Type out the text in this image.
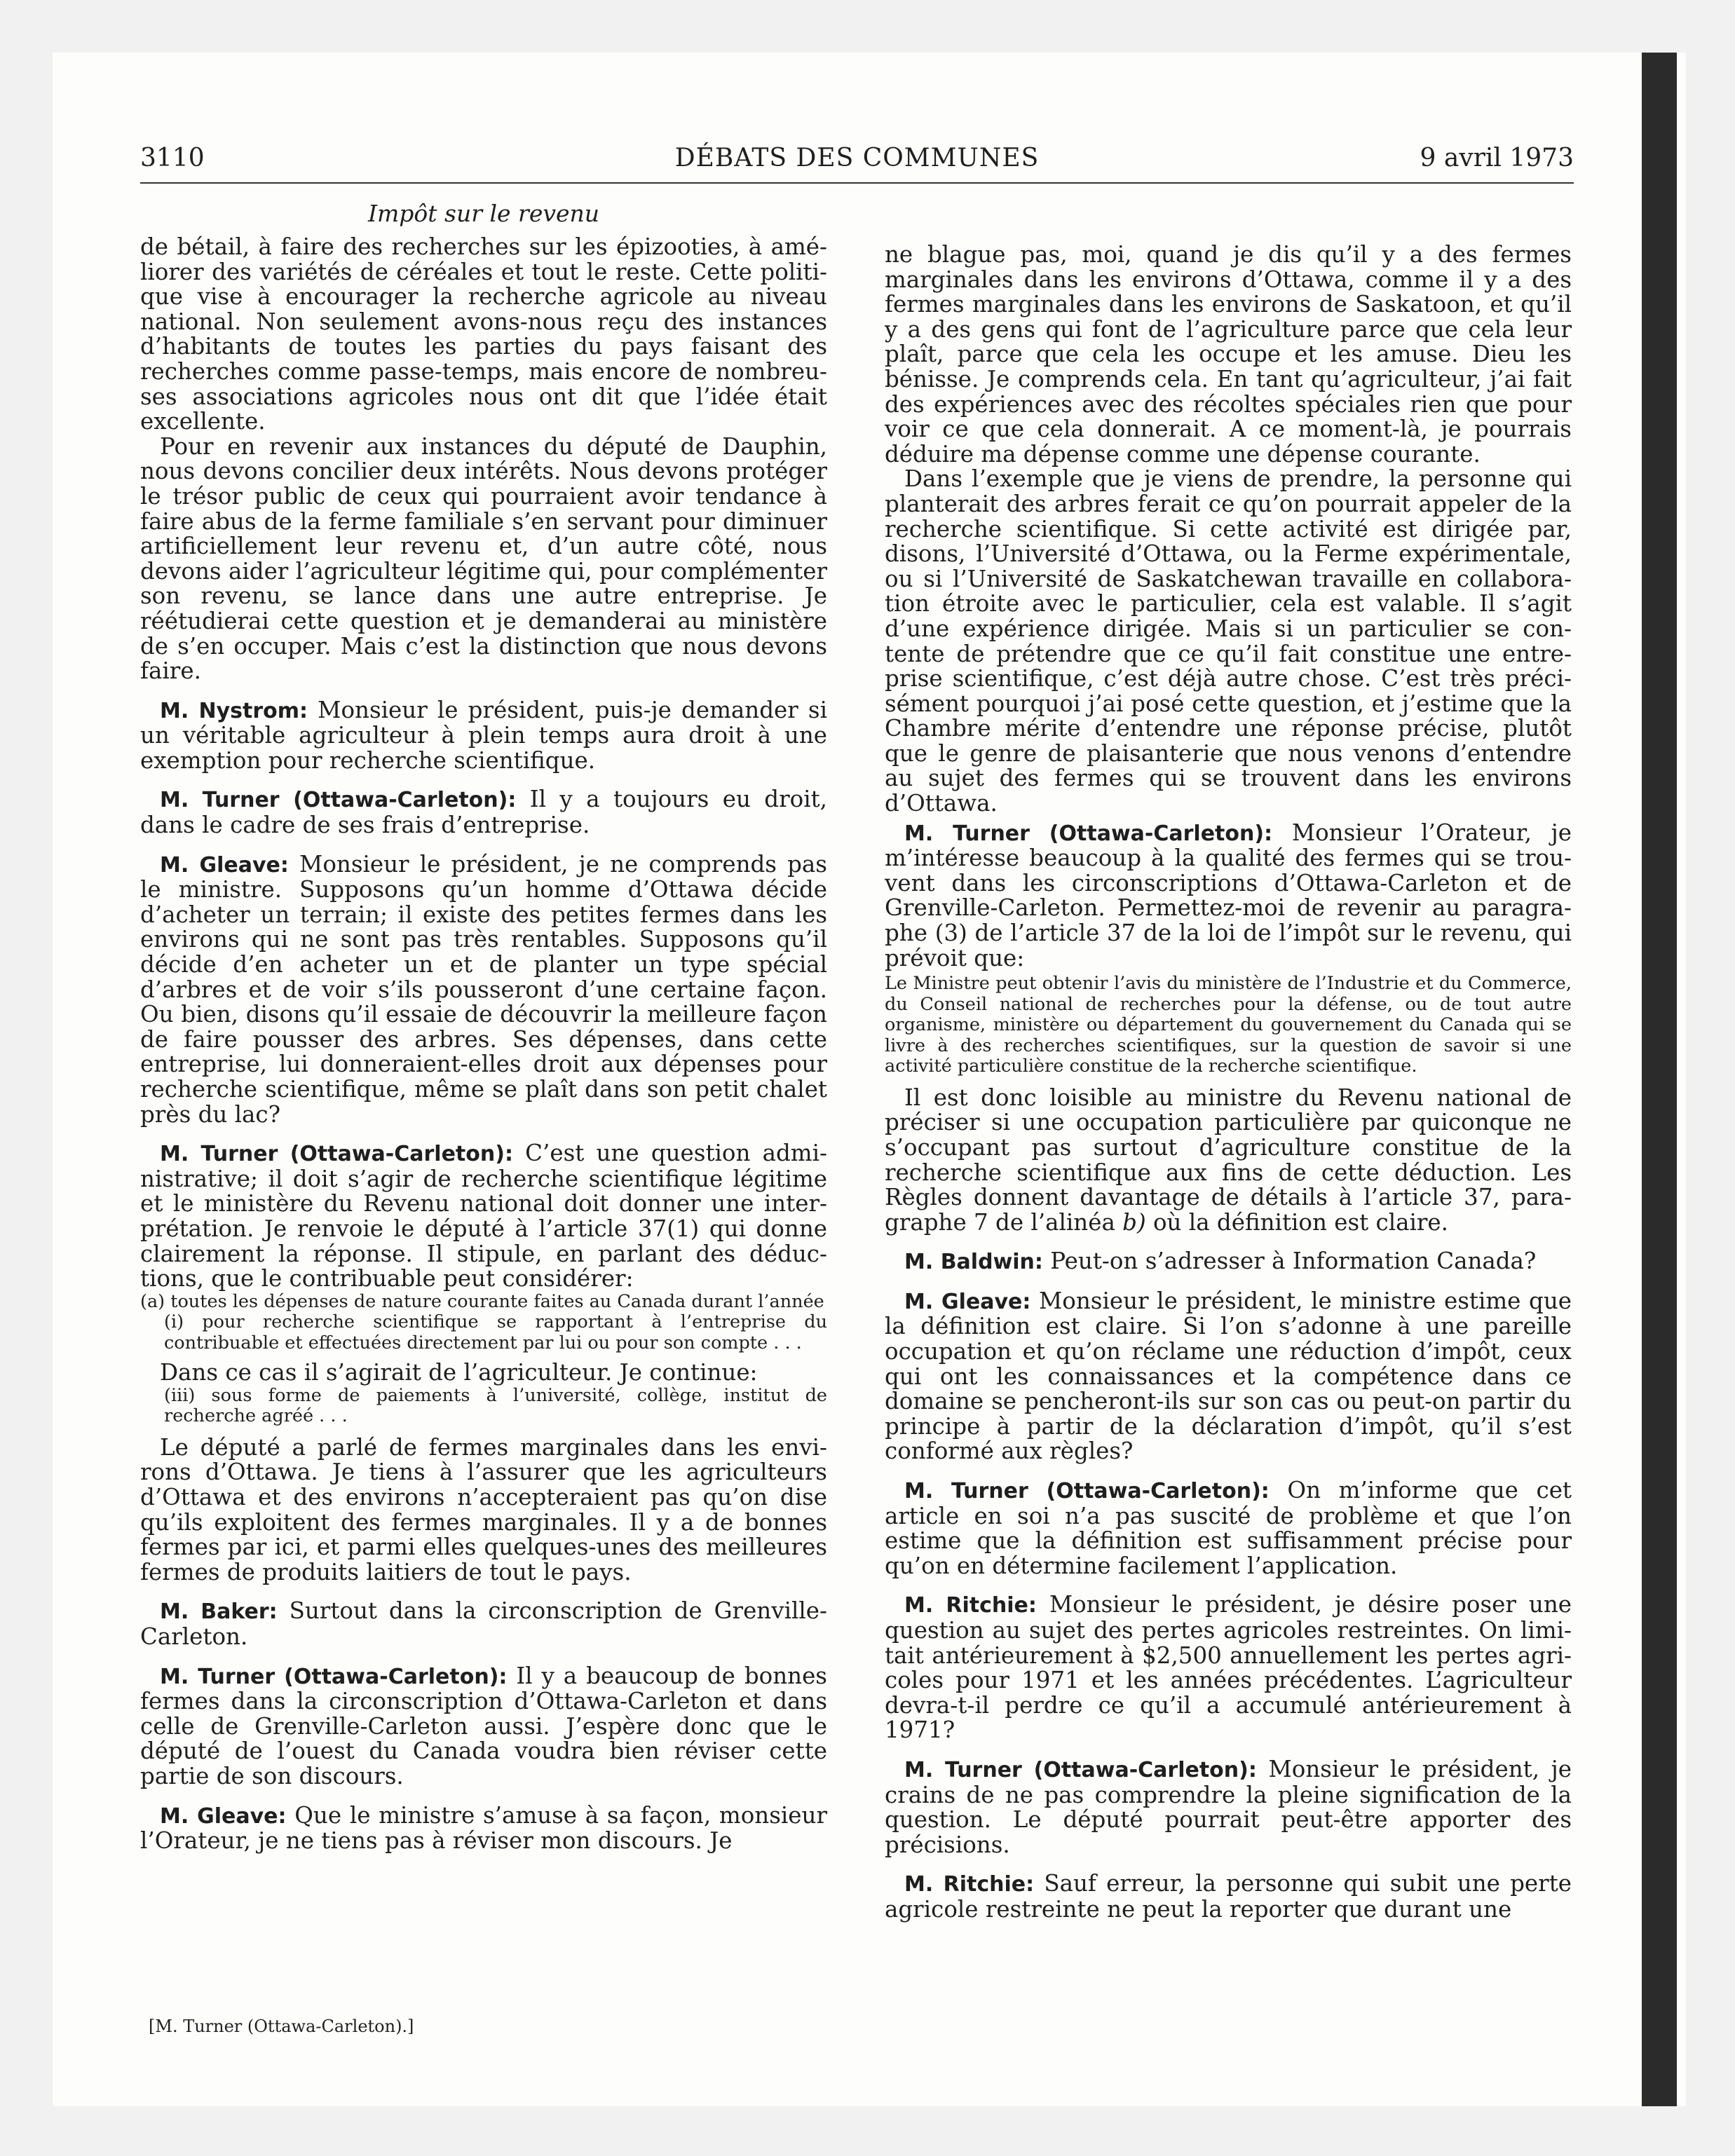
3110	DÉBATS DES COMMUNES	9 avril 1973
Impôt sur le revenu

de bétail, à faire des recherches sur les épizooties, à améliorer des variétés de céréales et tout le reste. Cette politique vise à encourager la recherche agricole au niveau national. Non seulement avons-nous reçu des instances d’habitants de toutes les parties du pays faisant des recherches comme passe-temps, mais encore de nombreuses associations agricoles nous ont dit que l’idée était excellente.

Pour en revenir aux instances du député de Dauphin, nous devons concilier deux intérêts. Nous devons protéger le trésor public de ceux qui pourraient avoir tendance à faire abus de la ferme familiale s’en servant pour diminuer artificiellement leur revenu et, d’un autre côté, nous devons aider l’agriculteur légitime qui, pour complémenter son revenu, se lance dans une autre entreprise. Je réétudierai cette question et je demanderai au ministère de s’en occuper. Mais c’est la distinction que nous devons faire.

M. Nystrom: Monsieur le président, puis-je demander si un véritable agriculteur à plein temps aura droit à une exemption pour recherche scientifique.

M. Turner (Ottawa-Carleton): Il y a toujours eu droit, dans le cadre de ses frais d’entreprise.

M. Gleave: Monsieur le président, je ne comprends pas le ministre. Supposons qu’un homme d’Ottawa décide d’acheter un terrain; il existe des petites fermes dans les environs qui ne sont pas très rentables. Supposons qu’il décide d’en acheter un et de planter un type spécial d’arbres et de voir s’ils pousseront d’une certaine façon. Ou bien, disons qu’il essaie de découvrir la meilleure façon de faire pousser des arbres. Ses dépenses, dans cette entreprise, lui donneraient-elles droit aux dépenses pour recherche scientifique, même se plaît dans son petit chalet près du lac?

M. Turner (Ottawa-Carleton): C’est une question administrative; il doit s’agir de recherche scientifique légitime et le ministère du Revenu national doit donner une interprétation. Je renvoie le député à l’article 37(1) qui donne clairement la réponse. Il stipule, en parlant des déductions, que le contribuable peut considérer:

(a) toutes les dépenses de nature courante faites au Canada durant l’année

(i) pour recherche scientifique se rapportant à l’entreprise du contribuable et effectuées directement par lui ou pour son compte . . .

Dans ce cas il s’agirait de l’agriculteur. Je continue:

(iii) sous forme de paiements à l’université, collège, institut de recherche agréé . . .

Le député a parlé de fermes marginales dans les environs d’Ottawa. Je tiens à l’assurer que les agriculteurs d’Ottawa et des environs n’accepteraient pas qu’on dise qu’ils exploitent des fermes marginales. Il y a de bonnes fermes par ici, et parmi elles quelques-unes des meilleures fermes de produits laitiers de tout le pays.

M. Baker: Surtout dans la circonscription de Grenville-Carleton.

M. Turner (Ottawa-Carleton): Il y a beaucoup de bonnes fermes dans la circonscription d’Ottawa-Carleton et dans celle de Grenville-Carleton aussi. J’espère donc que le député de l’ouest du Canada voudra bien réviser cette partie de son discours.

M. Gleave: Que le ministre s’amuse à sa façon, monsieur l’Orateur, je ne tiens pas à réviser mon discours. Je

[M. Turner (Ottawa-Carleton).]

ne blague pas, moi, quand je dis qu’il y a des fermes marginales dans les environs d’Ottawa, comme il y a des fermes marginales dans les environs de Saskatoon, et qu’il y a des gens qui font de l’agriculture parce que cela leur plaît, parce que cela les occupe et les amuse. Dieu les bénisse. Je comprends cela. En tant qu’agriculteur, j’ai fait des expériences avec des récoltes spéciales rien que pour voir ce que cela donnerait. A ce moment-là, je pourrais déduire ma dépense comme une dépense courante.

Dans l’exemple que je viens de prendre, la personne qui planterait des arbres ferait ce qu’on pourrait appeler de la recherche scientifique. Si cette activité est dirigée par, disons, l’Université d’Ottawa, ou la Ferme expérimentale, ou si l’Université de Saskatchewan travaille en collaboration étroite avec le particulier, cela est valable. Il s’agit d’une expérience dirigée. Mais si un particulier se contente de prétendre que ce qu’il fait constitue une entreprise scientifique, c’est déjà autre chose. C’est très précisément pourquoi j’ai posé cette question, et j’estime que la Chambre mérite d’entendre une réponse précise, plutôt que le genre de plaisanterie que nous venons d’entendre au sujet des fermes qui se trouvent dans les environs d’Ottawa.

M. Turner (Ottawa-Carleton): Monsieur l’Orateur, je m’intéresse beaucoup à la qualité des fermes qui se trouvent dans les circonscriptions d’Ottawa-Carleton et de Grenville-Carleton. Permettez-moi de revenir au paragraphe (3) de l’article 37 de la loi de l’impôt sur le revenu, qui prévoit que:

Le Ministre peut obtenir l’avis du ministère de l’Industrie et du Commerce, du Conseil national de recherches pour la défense, ou de tout autre organisme, ministère ou département du gouvernement du Canada qui se livre à des recherches scientifiques, sur la question de savoir si une activité particulière constitue de la recherche scientifique.

Il est donc loisible au ministre du Revenu national de préciser si une occupation particulière par quiconque ne s’occupant pas surtout d’agriculture constitue de la recherche scientifique aux fins de cette déduction. Les Règles donnent davantage de détails à l’article 37, paragraphe 7 de l’alinéa b) où la définition est claire.

M. Baldwin: Peut-on s’adresser à Information Canada?

M. Gleave: Monsieur le président, le ministre estime que la définition est claire. Si l’on s’adonne à une pareille occupation et qu’on réclame une réduction d’impôt, ceux qui ont les connaissances et la compétence dans ce domaine se pencheront-ils sur son cas ou peut-on partir du principe à partir de la déclaration d’impôt, qu’il s’est conformé aux règles?

M. Turner (Ottawa-Carleton): On m’informe que cet article en soi n’a pas suscité de problème et que l’on estime que la définition est suffisamment précise pour qu’on en détermine facilement l’application.

M. Ritchie: Monsieur le président, je désire poser une question au sujet des pertes agricoles restreintes. On limitait antérieurement à $2,500 annuellement les pertes agricoles pour 1971 et les années précédentes. L’agriculteur devra-t-il perdre ce qu’il a accumulé antérieurement à 1971?

M. Turner (Ottawa-Carleton): Monsieur le président, je crains de ne pas comprendre la pleine signification de la question. Le député pourrait peut-être apporter des précisions.

M. Ritchie: Sauf erreur, la personne qui subit une perte agricole restreinte ne peut la reporter que durant une
